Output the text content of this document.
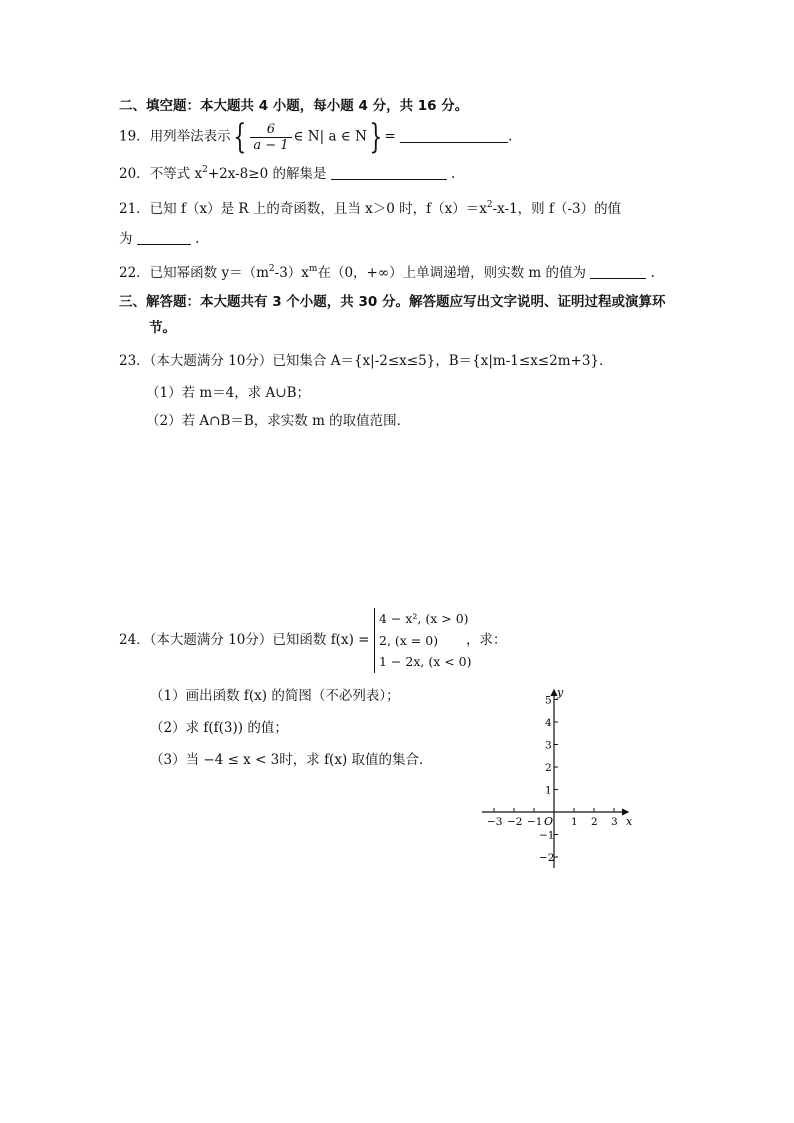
二、填空题：本大题共 4 小题，每小题 4 分，共 16 分。
19．用列举法表示{ $\frac{6}{a - 1}$ ∈ N| a ∈ N} =	.
20．不等式 $x^2+2x-8\ge 0$ 的解集是	.
21．已知 f（x）是 R 上的奇函数，且当 x＞0 时，$f(x)=x^2-x-1$，则 f（-3）的值
为	.
22．已知幂函数 $y=(m^2-3)x^m$在（0，+∞）上单调递增，则实数 m 的值为	.
三、解答题：本大题共有 3 个小题，共 30 分。解答题应写出文字说明、证明过程或演算环
节。
23．（本大题满分 10分）已知集合 A＝{x|-2≤x≤5}，B＝{x|m-1≤x≤2m+3}．
（1）若 m＝4，求 A∪B；
（2）若 A∩B＝B，求实数 m 的取值范围．
24．（本大题满分 10分）已知函数 f(x) =
4 − x², (x > 0)
2, (x = 0)
1 − 2x, (x < 0)
，求：
（1）画出函数 f(x) 的简图（不必列表）；
（2）求 f(f(3)) 的值；
（3）当 −4 ≤ x < 3时，求 f(x) 取值的集合．
x
y
O
−3 −2 −1	1 2 3
5
4
3
2
1
−1
−2
